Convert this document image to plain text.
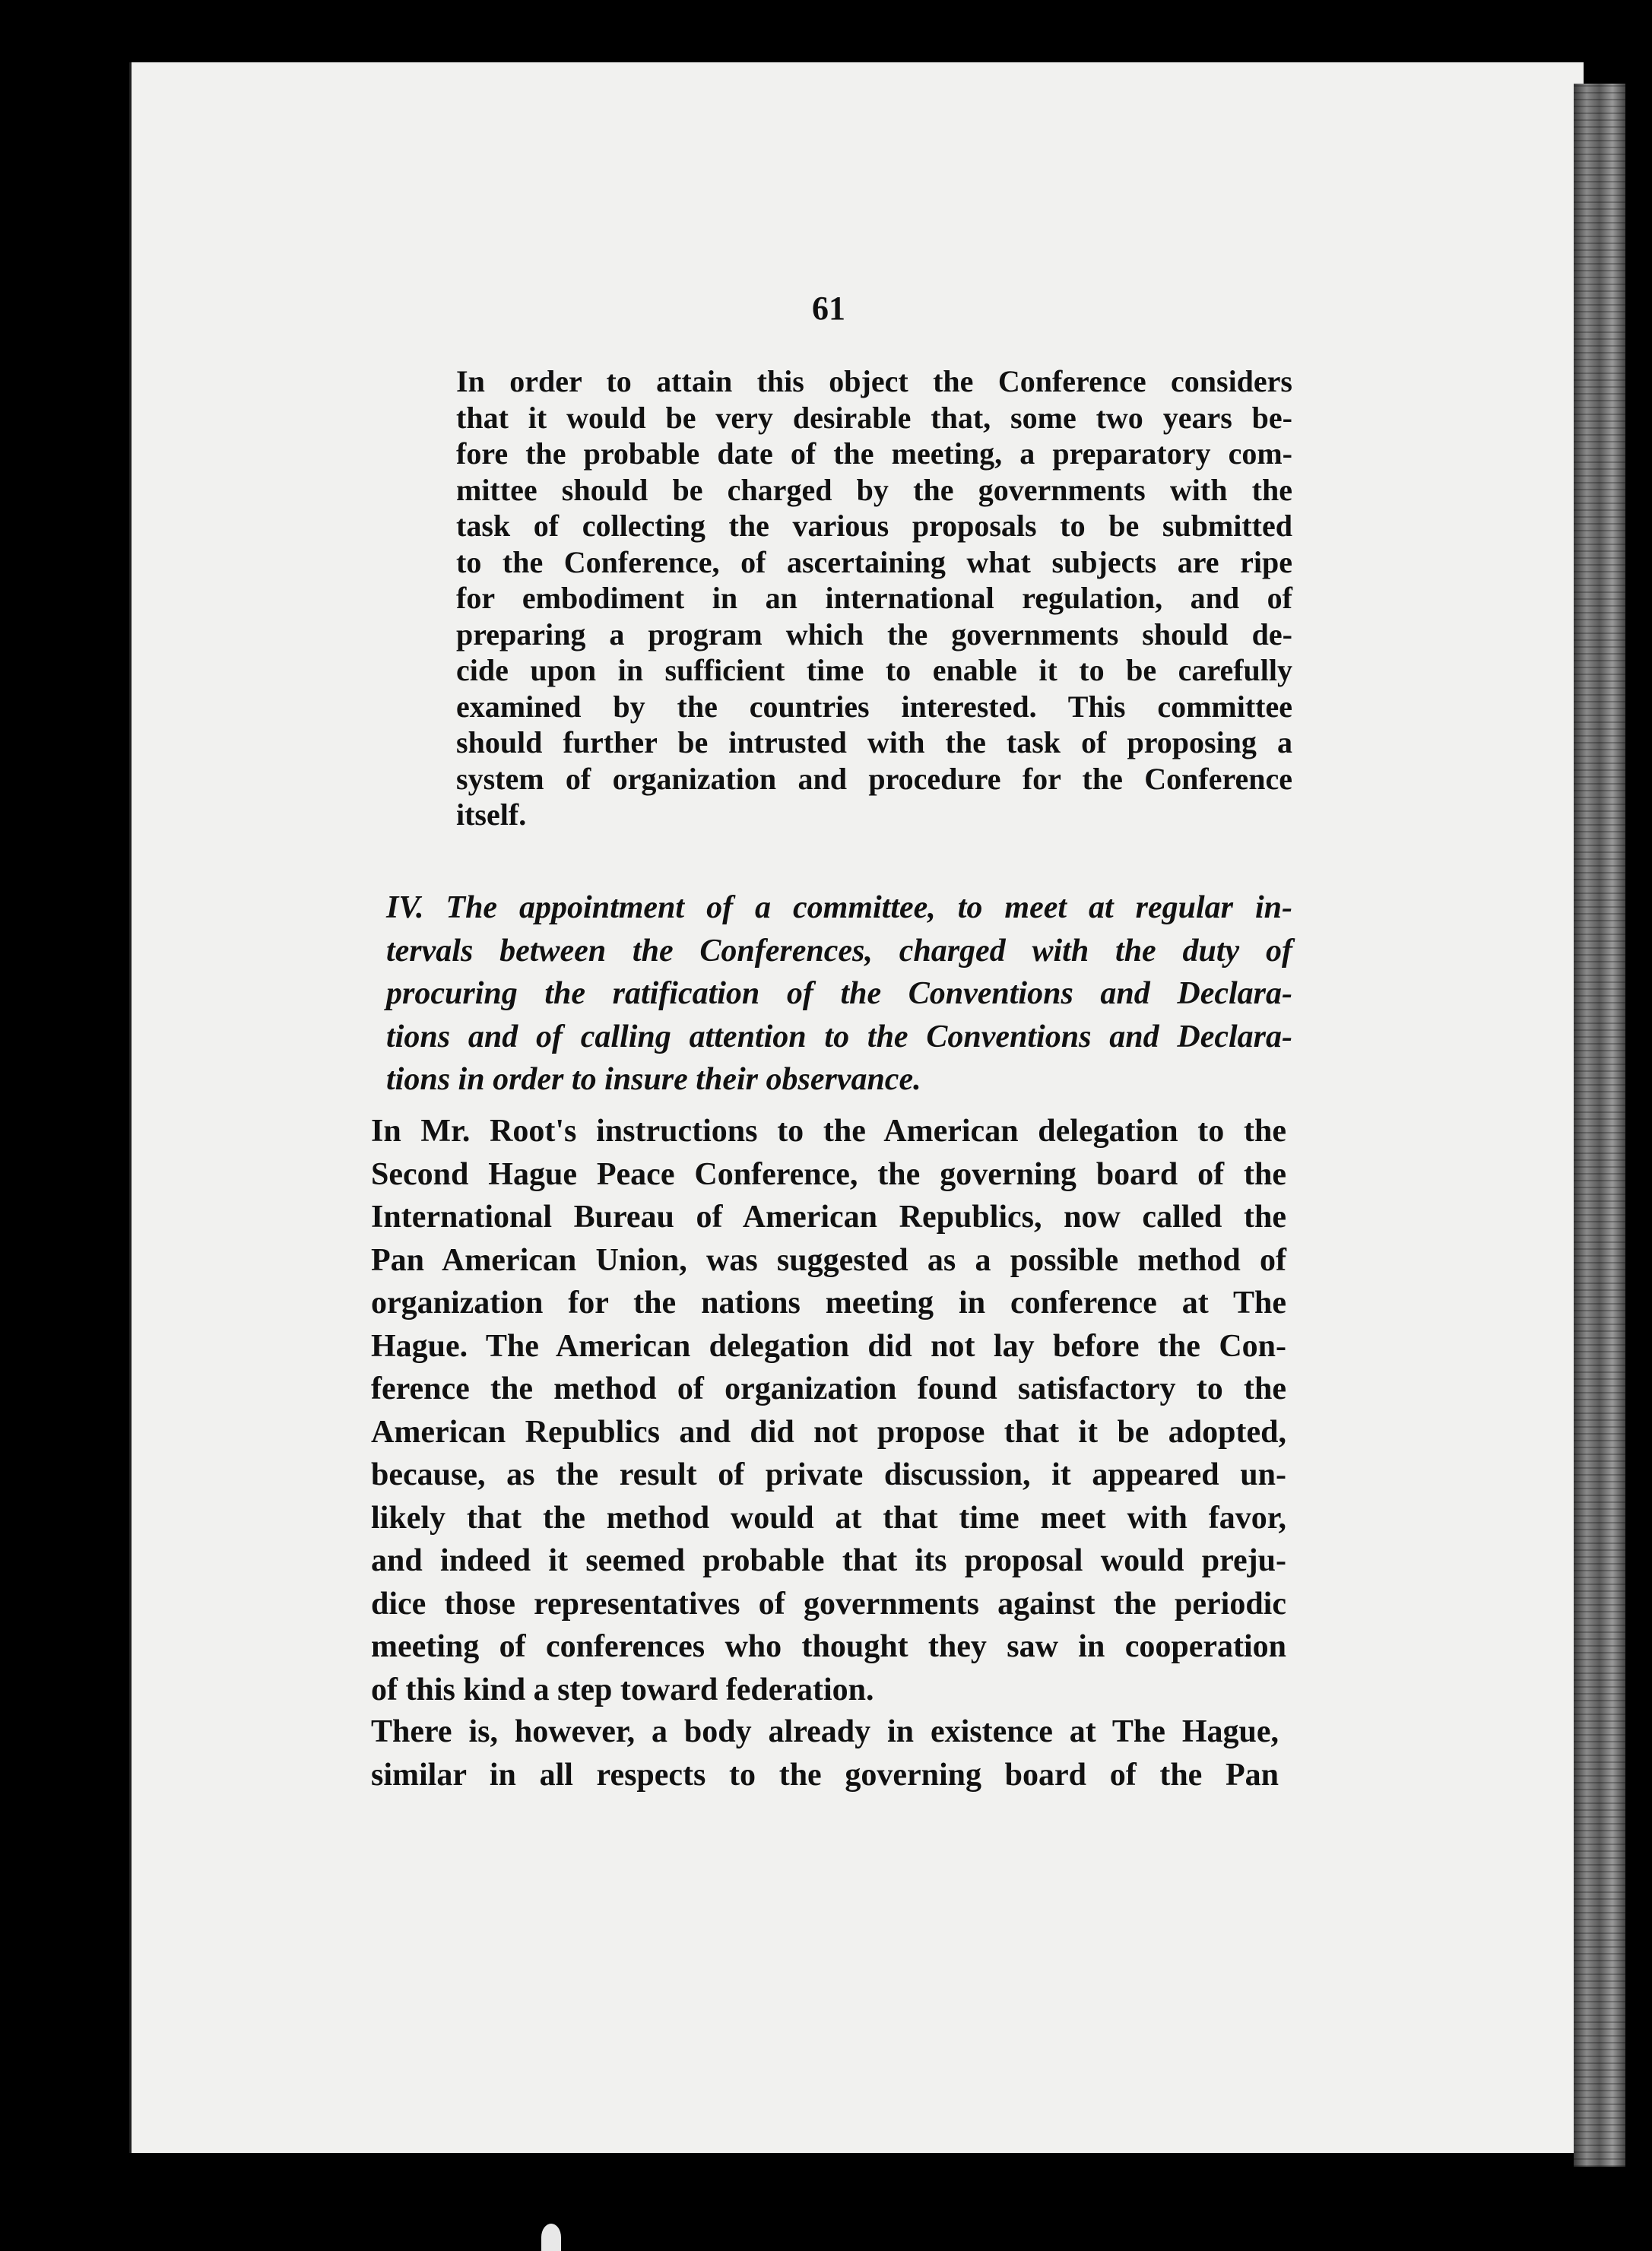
61
In order to attain this object the Conference considers
that it would be very desirable that, some two years be-
fore the probable date of the meeting, a preparatory com-
mittee should be charged by the governments with the
task of collecting the various proposals to be submitted
to the Conference, of ascertaining what subjects are ripe
for embodiment in an international regulation, and of
preparing a program which the governments should de-
cide upon in sufficient time to enable it to be carefully
examined by the countries interested. This committee
should further be intrusted with the task of proposing a
system of organization and procedure for the Conference
itself.
IV. The appointment of a committee, to meet at regular in-
tervals between the Conferences, charged with the duty of
procuring the ratification of the Conventions and Declara-
tions and of calling attention to the Conventions and Declara-
tions in order to insure their observance.
In Mr. Root's instructions to the American delegation to the
Second Hague Peace Conference, the governing board of the
International Bureau of American Republics, now called the
Pan American Union, was suggested as a possible method of
organization for the nations meeting in conference at The
Hague. The American delegation did not lay before the Con-
ference the method of organization found satisfactory to the
American Republics and did not propose that it be adopted,
because, as the result of private discussion, it appeared un-
likely that the method would at that time meet with favor,
and indeed it seemed probable that its proposal would preju-
dice those representatives of governments against the periodic
meeting of conferences who thought they saw in cooperation
of this kind a step toward federation.
There is, however, a body already in existence at The Hague,
similar in all respects to the governing board of the Pan
